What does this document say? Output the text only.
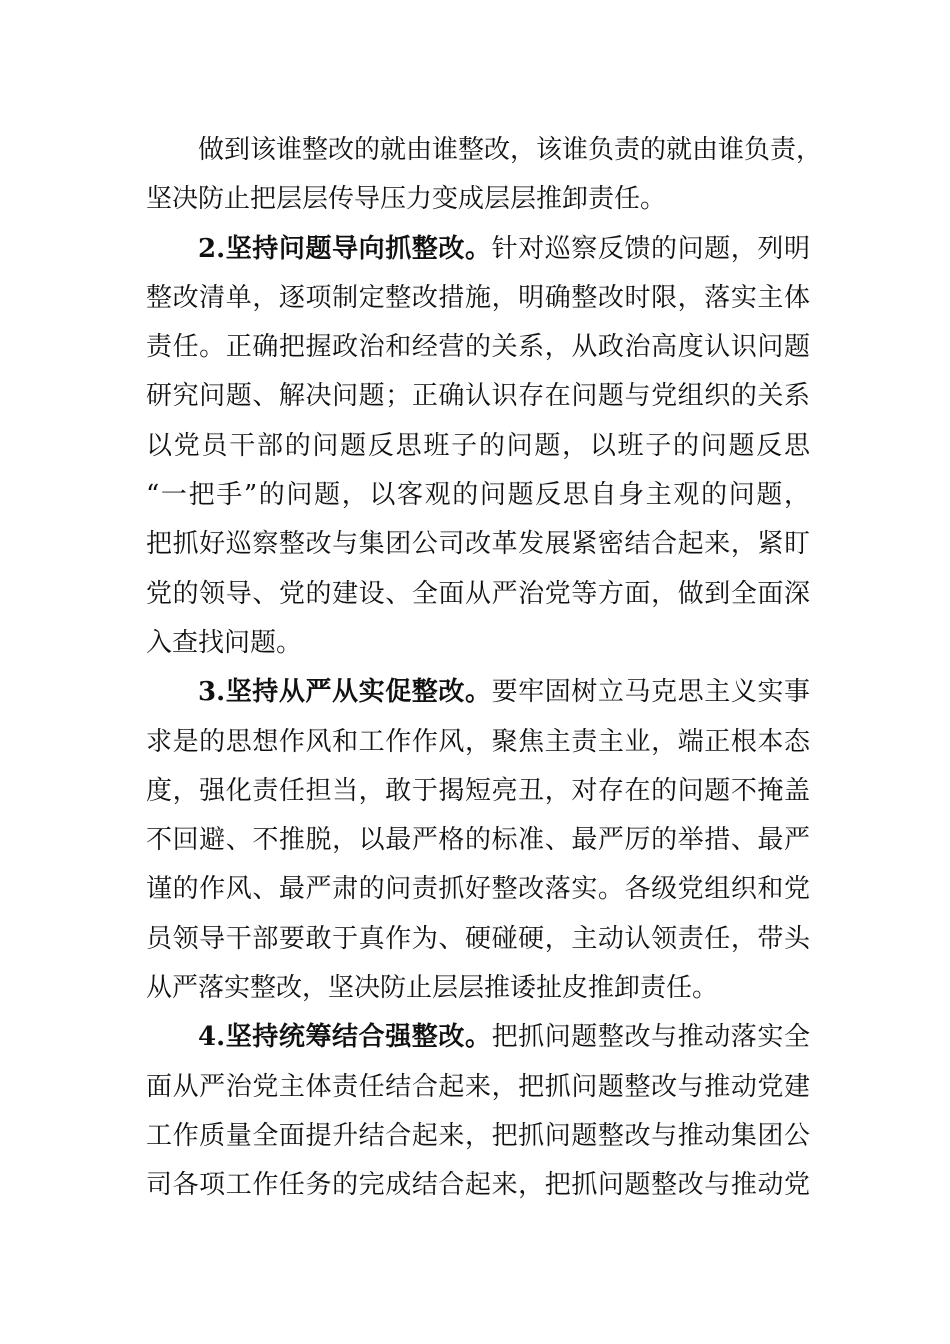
做到该谁整改的就由谁整改，该谁负责的就由谁负责，
坚决防止把层层传导压力变成层层推卸责任。
2.坚持问题导向抓整改。针对巡察反馈的问题，列明
整改清单，逐项制定整改措施，明确整改时限，落实主体
责任。正确把握政治和经营的关系，从政治高度认识问题
研究问题、解决问题；正确认识存在问题与党组织的关系
以党员干部的问题反思班子的问题，以班子的问题反思
“一把手”的问题，以客观的问题反思自身主观的问题，
把抓好巡察整改与集团公司改革发展紧密结合起来，紧盯
党的领导、党的建设、全面从严治党等方面，做到全面深
入查找问题。
3.坚持从严从实促整改。要牢固树立马克思主义实事
求是的思想作风和工作作风，聚焦主责主业，端正根本态
度，强化责任担当，敢于揭短亮丑，对存在的问题不掩盖
不回避、不推脱，以最严格的标准、最严厉的举措、最严
谨的作风、最严肃的问责抓好整改落实。各级党组织和党
员领导干部要敢于真作为、硬碰硬，主动认领责任，带头
从严落实整改，坚决防止层层推诿扯皮推卸责任。
4.坚持统筹结合强整改。把抓问题整改与推动落实全
面从严治党主体责任结合起来，把抓问题整改与推动党建
工作质量全面提升结合起来，把抓问题整改与推动集团公
司各项工作任务的完成结合起来，把抓问题整改与推动党
